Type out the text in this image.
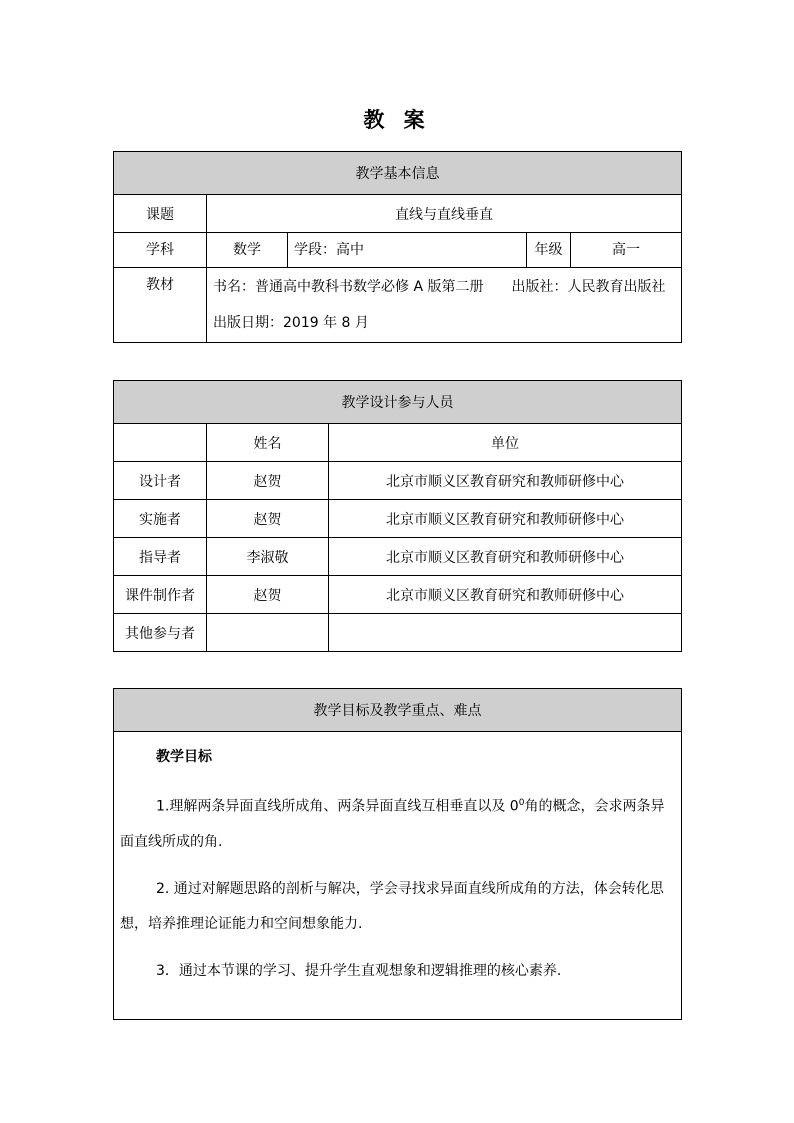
教 案
教学基本信息				
课题	直线与直线垂直			
学科	数学	学段：高中	年级	高一
教材	书名：普通高中教科书数学必修 A 版第二册 出版社：人民教育出版社
出版日期：2019 年 8 月			
教学设计参与人员		
	姓名	单位
设计者	赵贺	北京市顺义区教育研究和教师研修中心
实施者	赵贺	北京市顺义区教育研究和教师研修中心
指导者	李淑敬	北京市顺义区教育研究和教师研修中心
课件制作者	赵贺	北京市顺义区教育研究和教师研修中心
其他参与者		
教学目标及教学重点、难点

教学目标

1.理解两条异面直线所成角、两条异面直线互相垂直以及 $0^0$角的概念，会求两条异面直线所成的角.

2. 通过对解题思路的剖析与解决，学会寻找求异面直线所成角的方法，体会转化思想，培养推理论证能力和空间想象能力.

3．通过本节课的学习、提升学生直观想象和逻辑推理的核心素养.
